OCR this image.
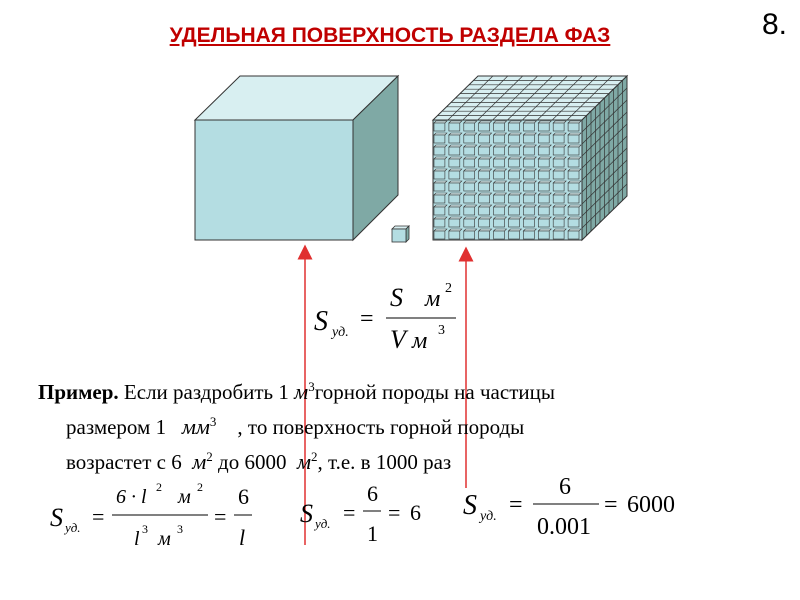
8.
УДЕЛЬНАЯ ПОВЕРХНОСТЬ РАЗДЕЛА ФАЗ
S уд.
=
S м 2
V м 3
S уд. =
6 · l 2 м 2
l 3 м 3 =
6
l
S уд. =
6
1
= 6 S уд. =
6
0.001
= 6000
Пример. Если раздробить 1 $м^3горной$ породы на частицы
размером 1   $мм^3$ , то поверхность горной породы
возрастет с 6  $м^2$ до 6000  $м^2$, т.е. в 1000 раз
